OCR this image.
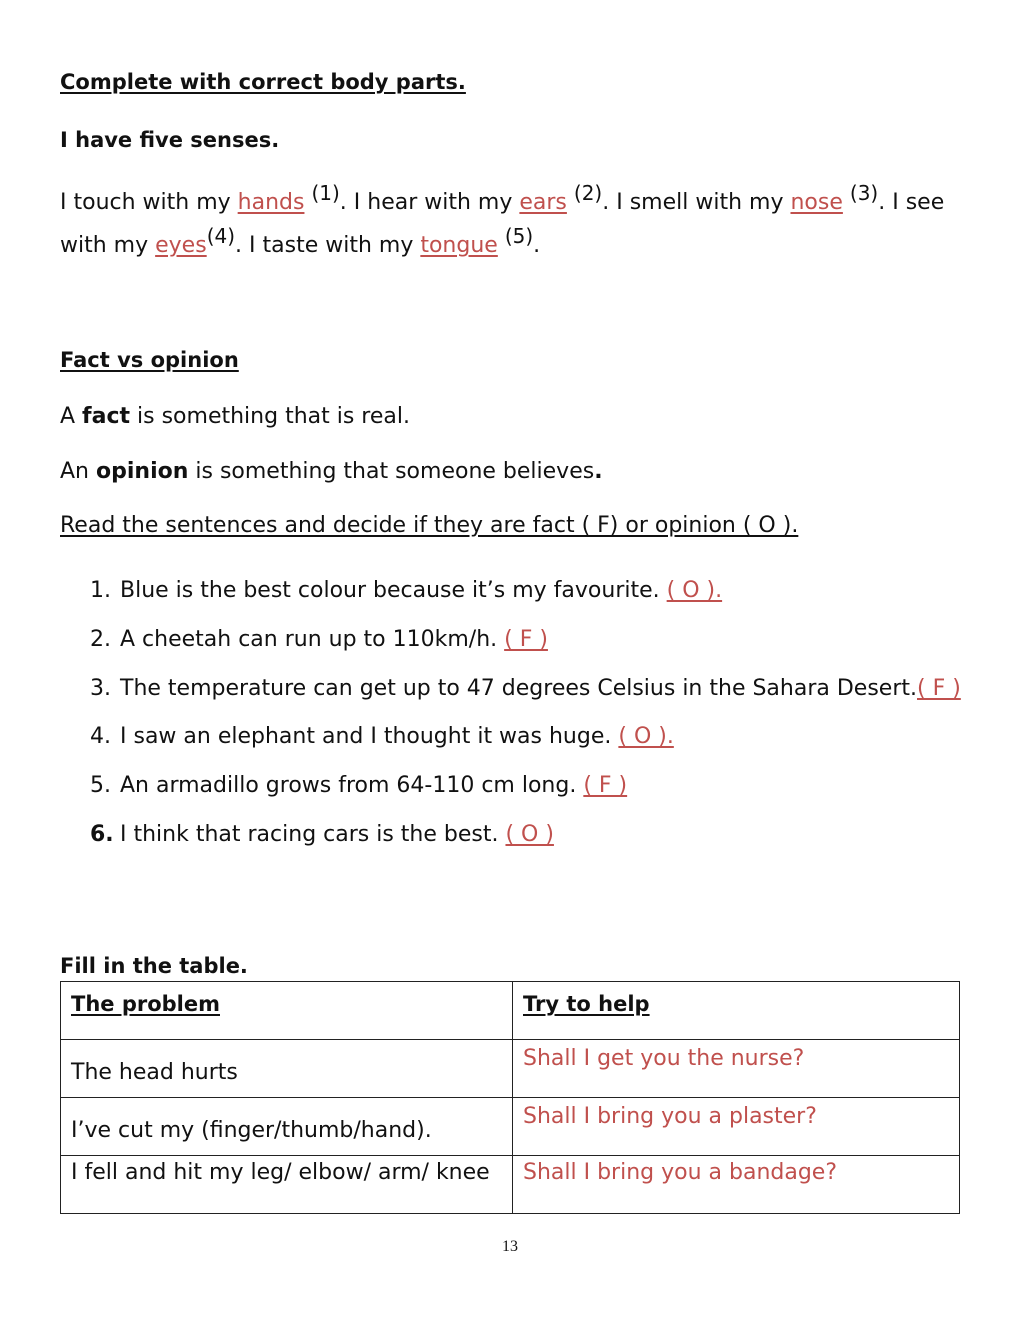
Complete with correct body parts.
I have five senses.
I touch with my hands $^{(1)}$. I hear with my ears $^{(2)}$. I smell with my nose $^{(3)}$. I see
with my eyes$^{(4)}$. I taste with my tongue $^{(5)}$.
Fact vs opinion
A fact is something that is real.
An opinion is something that someone believes.
Read the sentences and decide if they are fact ( F) or opinion ( O ).
1. Blue is the best colour because it’s my favourite. ( O ).
2. A cheetah can run up to 110km/h. ( F )
3. The temperature can get up to 47 degrees Celsius in the Sahara Desert.( F )
4. I saw an elephant and I thought it was huge. ( O ).
5. An armadillo grows from 64-110 cm long. ( F )
6. I think that racing cars is the best. ( O )
Fill in the table.
The problem	Try to help
The head hurts	Shall I get you the nurse?
I’ve cut my (finger/thumb/hand).	Shall I bring you a plaster?
I fell and hit my leg/ elbow/ arm/ knee	Shall I bring you a bandage?
13
